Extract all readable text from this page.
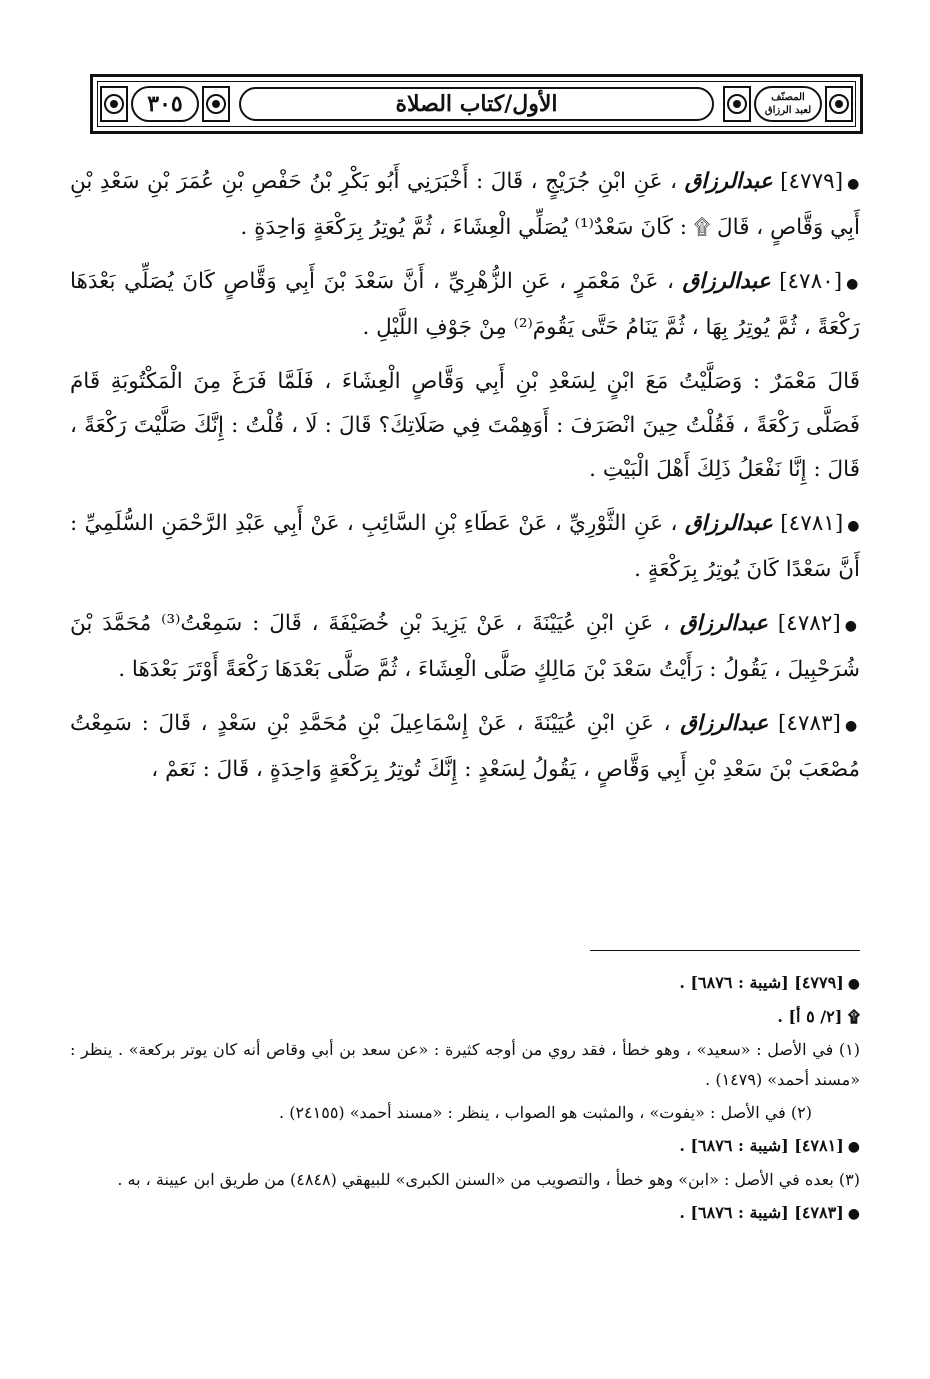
المصنّف
لعبد الرزاق
الأول/كتاب الصلاة
٣٠٥

●[٤٧٧٩] عبدالرزاق ، عَنِ ابْنِ جُرَيْجٍ ، قَالَ : أَخْبَرَنِي أَبُو بَكْرِ بْنُ حَفْصِ بْنِ عُمَرَ بْنِ سَعْدِ بْنِ أَبِي وَقَّاصٍ ، قَالَ ۩ : كَانَ سَعْدٌ⁽¹⁾ يُصَلِّي الْعِشَاءَ ، ثُمَّ يُوتِرُ بِرَكْعَةٍ وَاحِدَةٍ .

●[٤٧٨٠] عبدالرزاق ، عَنْ مَعْمَرٍ ، عَنِ الزُّهْرِيِّ ، أَنَّ سَعْدَ بْنَ أَبِي وَقَّاصٍ كَانَ يُصَلِّي بَعْدَهَا رَكْعَةً ، ثُمَّ يُوتِرُ بِهَا ، ثُمَّ يَنَامُ حَتَّى يَقُومَ⁽²⁾ مِنْ جَوْفِ اللَّيْلِ .

قَالَ مَعْمَرٌ : وَصَلَّيْتُ مَعَ ابْنٍ لِسَعْدِ بْنِ أَبِي وَقَّاصٍ الْعِشَاءَ ، فَلَمَّا فَرَغَ مِنَ الْمَكْتُوبَةِ قَامَ فَصَلَّى رَكْعَةً ، فَقُلْتُ حِينَ انْصَرَفَ : أَوَهِمْتَ فِي صَلَاتِكَ؟ قَالَ : لَا ، قُلْتُ : إِنَّكَ صَلَّيْتَ رَكْعَةً ، قَالَ : إِنَّا نَفْعَلُ ذَلِكَ أَهْلَ الْبَيْتِ .

●[٤٧٨١] عبدالرزاق ، عَنِ الثَّوْرِيِّ ، عَنْ عَطَاءِ بْنِ السَّائِبِ ، عَنْ أَبِي عَبْدِ الرَّحْمَنِ السُّلَمِيِّ : أَنَّ سَعْدًا كَانَ يُوتِرُ بِرَكْعَةٍ .

●[٤٧٨٢] عبدالرزاق ، عَنِ ابْنِ عُيَيْنَةَ ، عَنْ يَزِيدَ بْنِ خُصَيْفَةَ ، قَالَ : سَمِعْتُ⁽³⁾ مُحَمَّدَ بْنَ شُرَحْبِيلَ ، يَقُولُ : رَأَيْتُ سَعْدَ بْنَ مَالِكٍ صَلَّى الْعِشَاءَ ، ثُمَّ صَلَّى بَعْدَهَا رَكْعَةً أَوْتَرَ بَعْدَهَا .

●[٤٧٨٣] عبدالرزاق ، عَنِ ابْنِ عُيَيْنَةَ ، عَنْ إِسْمَاعِيلَ بْنِ مُحَمَّدِ بْنِ سَعْدٍ ، قَالَ : سَمِعْتُ مُصْعَبَ بْنَ سَعْدِ بْنِ أَبِي وَقَّاصٍ ، يَقُولُ لِسَعْدٍ : إِنَّكَ تُوتِرُ بِرَكْعَةٍ وَاحِدَةٍ ، قَالَ : نَعَمْ ،

●[٤٧٧٩] [شيبة : ٦٨٧٦] .

۩ [٢/ ٥ أ] .

(١) في الأصل : «سعيد» ، وهو خطأ ، فقد روي من أوجه كثيرة : «عن سعد بن أبي وقاص أنه كان يوتر بركعة» . ينظر : «مسند أحمد» (١٤٧٩) .

(٢) في الأصل : «يفوت» ، والمثبت هو الصواب ، ينظر : «مسند أحمد» (٢٤١٥٥) .

●[٤٧٨١] [شيبة : ٦٨٧٦] .

(٣) بعده في الأصل : «ابن» وهو خطأ ، والتصويب من «السنن الكبرى» للبيهقي (٤٨٤٨) من طريق ابن عيينة ، به .

●[٤٧٨٣] [شيبة : ٦٨٧٦] .
